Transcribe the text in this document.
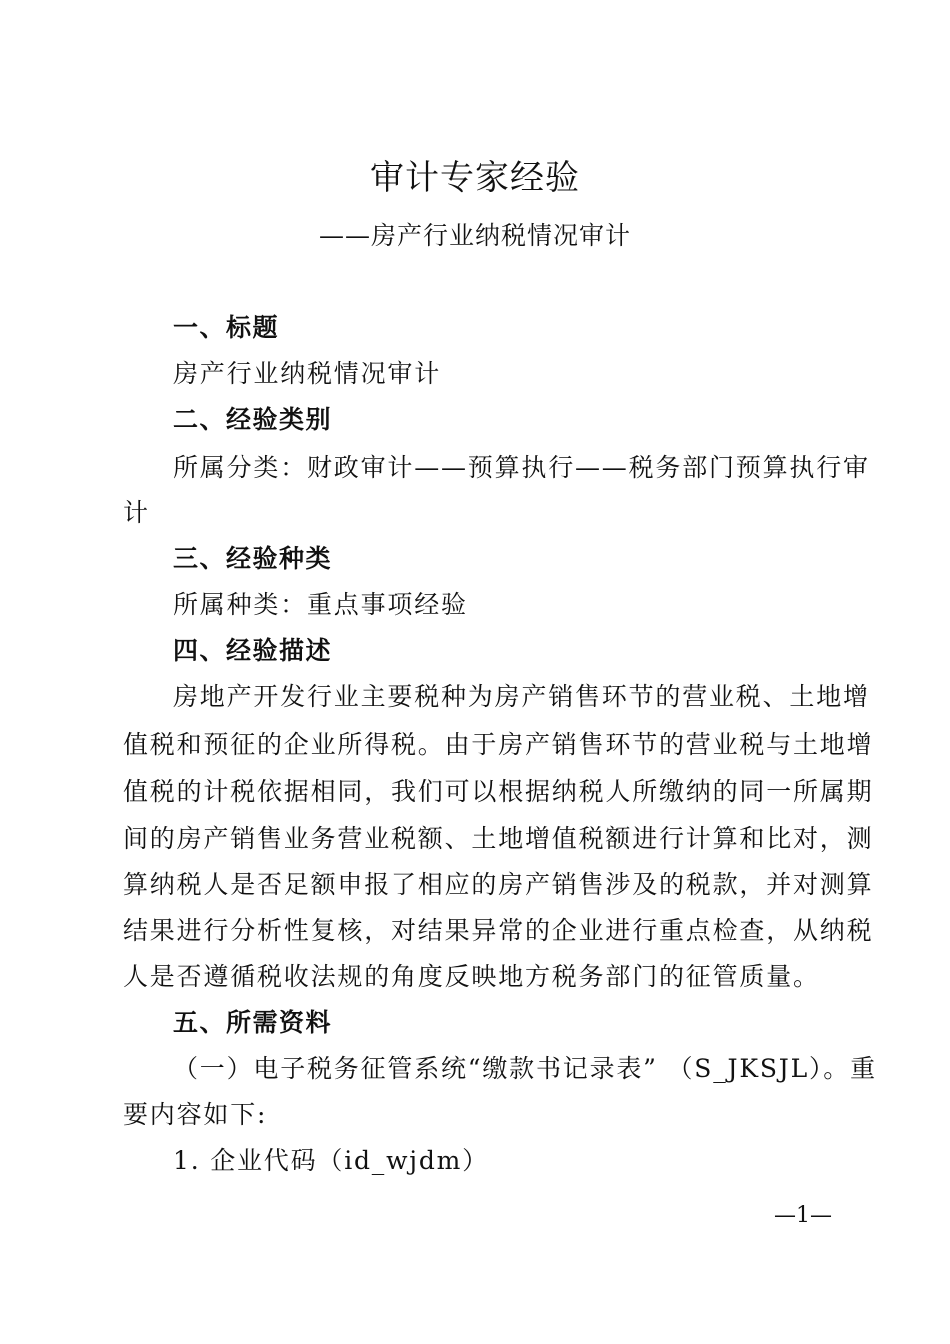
审计专家经验
——房产行业纳税情况审计
一、标题
房产行业纳税情况审计
二、经验类别
所属分类：财政审计——预算执行——税务部门预算执行审
计
三、经验种类
所属种类：重点事项经验
四、经验描述
房地产开发行业主要税种为房产销售环节的营业税、土地增
值税和预征的企业所得税。由于房产销售环节的营业税与土地增
值税的计税依据相同，我们可以根据纳税人所缴纳的同一所属期
间的房产销售业务营业税额、土地增值税额进行计算和比对，测
算纳税人是否足额申报了相应的房产销售涉及的税款，并对测算
结果进行分析性复核，对结果异常的企业进行重点检查，从纳税
人是否遵循税收法规的角度反映地方税务部门的征管质量。
五、所需资料
（一）电子税务征管系统“缴款书记录表” （S_JKSJL）。重
要内容如下:
1. 企业代码（id_wjdm）
—1—
